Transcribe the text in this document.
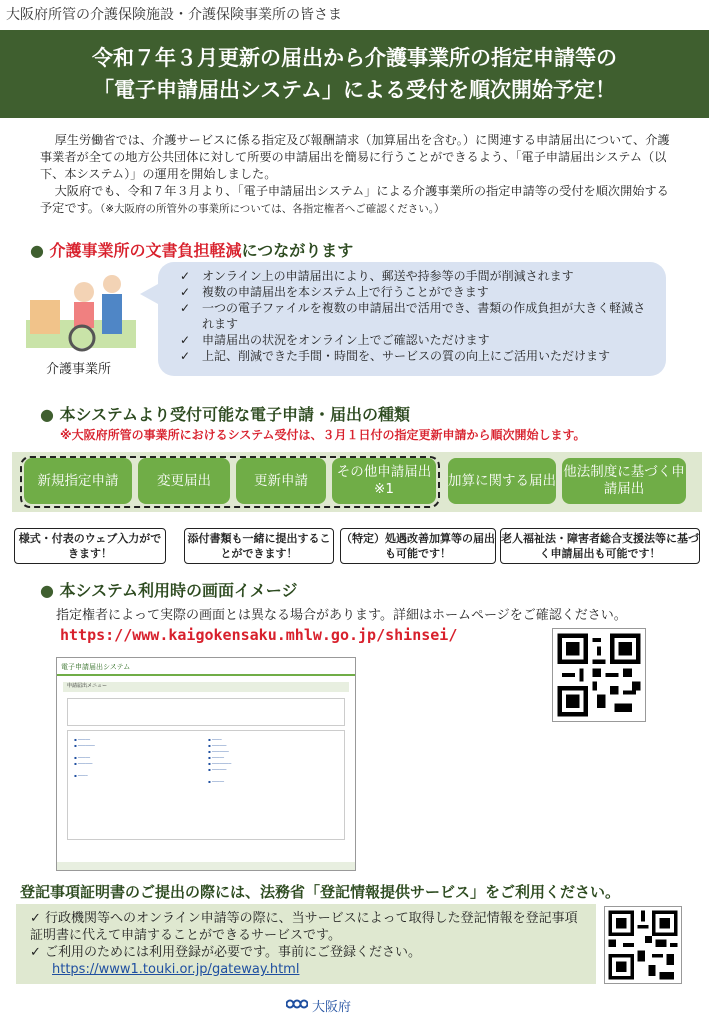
大阪府所管の介護保険施設・介護保険事業所の皆さま
令和７年３月更新の届出から介護事業所の指定申請等の
「電子申請届出システム」による受付を順次開始予定！

厚生労働省では、介護サービスに係る指定及び報酬請求（加算届出を含む。）に関連する申請届出について、介護事業者が全ての地方公共団体に対して所要の申請届出を簡易に行うことができるよう、「電子申請届出システム（以下、本システム）」の運用を開始しました。

大阪府でも、令和７年３月より、「電子申請届出システム」による介護事業所の指定申請等の受付を順次開始する予定です。（※大阪府の所管外の事業所については、各指定権者へご確認ください。）

● 介護事業所の文書負担軽減につながります
介護事業所
✓ オンライン上の申請届出により、郵送や持参等の手間が削減されます
✓ 複数の申請届出を本システム上で行うことができます
✓ 一つの電子ファイルを複数の申請届出で活用でき、書類の作成負担が大きく軽減されます
✓ 申請届出の状況をオンライン上でご確認いただけます
✓ 上記、削減できた手間・時間を、サービスの質の向上にご活用いただけます
● 本システムより受付可能な電子申請・届出の種類
※大阪府所管の事業所におけるシステム受付は、３月１日付の指定更新申請から順次開始します。
新規指定申請	変更届出	更新申請
その他申請届出※1
加算に関する届出
他法制度に基づく申請届出
様式・付表のウェブ入力ができます！
添付書類も一緒に提出することができます！
（特定）処遇改善加算等の届出も可能です！
老人福祉法・障害者総合支援法等に基づく申請届出も可能です！
● 本システム利用時の画面イメージ
指定権者によって実際の画面とは異なる場合があります。詳細はホームページをご確認ください。
https://www.kaigokensaku.mhlw.go.jp/shinsei/
電子申請届出システム
申請届出メニュー
▪ ─────
▪ ───────

▪ ─────
▪ ──────

▪ ────
▪ ────
▪ ──────
▪ ───────
▪ ─────
▪ ────────
▪ ──────

▪ ─────
登記事項証明書のご提出の際には、法務省「登記情報提供サービス」をご利用ください。
✓ 行政機関等へのオンライン申請等の際に、当サービスによって取得した登記情報を登記事項証明書に代えて申請することができるサービスです。
✓ ご利用のためには利用登録が必要です。事前にご登録ください。
https://www1.touki.or.jp/gateway.html
大阪府
